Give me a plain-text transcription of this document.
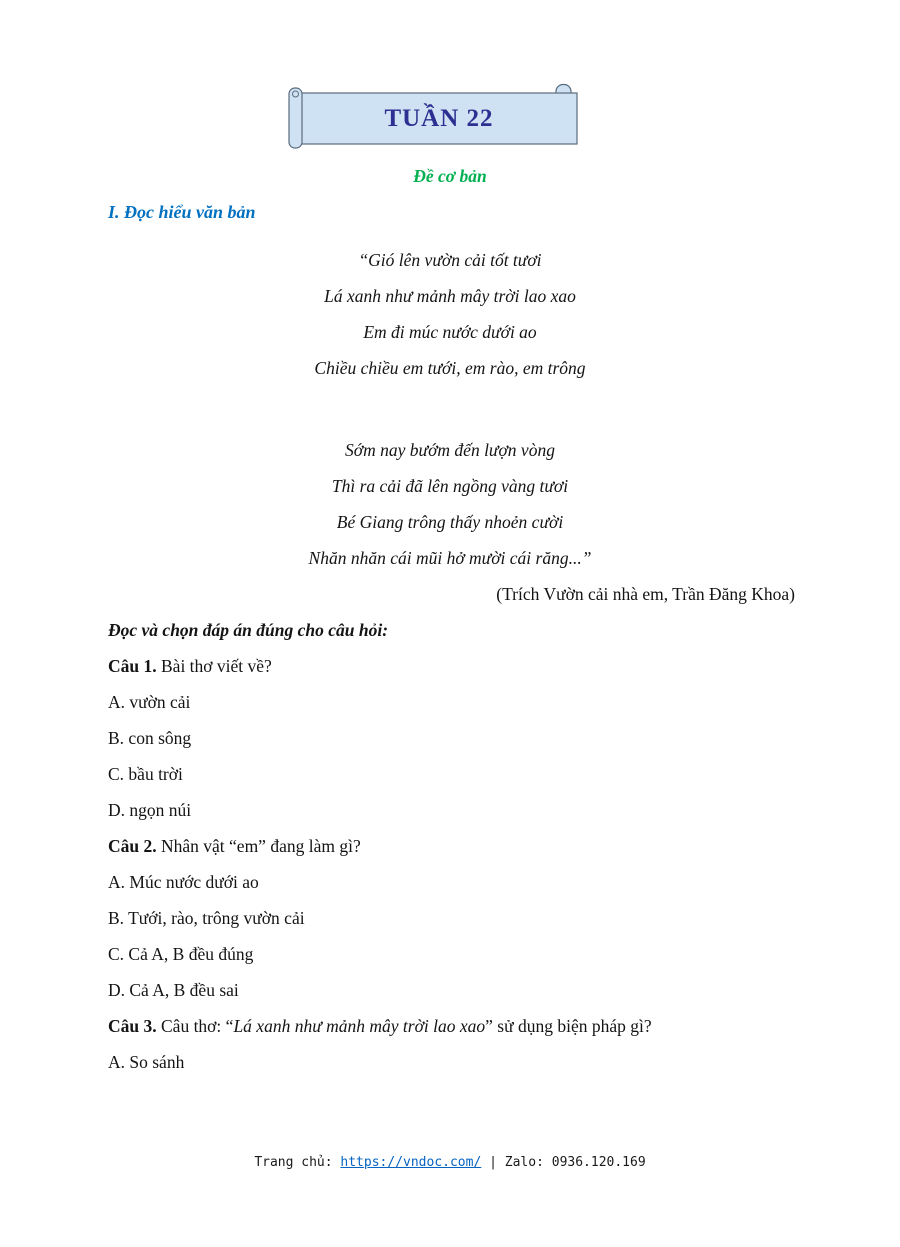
TUẦN 22
Đề cơ bản
I. Đọc hiểu văn bản
“Gió lên vườn cải tốt tươi
Lá xanh như mảnh mây trời lao xao
Em đi múc nước dưới ao
Chiều chiều em tưới, em rào, em trông
Sớm nay bướm đến lượn vòng
Thì ra cải đã lên ngồng vàng tươi
Bé Giang trông thấy nhoẻn cười
Nhăn nhăn cái mũi hở mười cái răng...”
(Trích Vườn cải nhà em, Trần Đăng Khoa)
Đọc và chọn đáp án đúng cho câu hỏi:
Câu 1. Bài thơ viết về?
A. vườn cải
B. con sông
C. bầu trời
D. ngọn núi
Câu 2. Nhân vật “em” đang làm gì?
A. Múc nước dưới ao
B. Tưới, rào, trông vườn cải
C. Cả A, B đều đúng
D. Cả A, B đều sai
Câu 3. Câu thơ: “Lá xanh như mảnh mây trời lao xao” sử dụng biện pháp gì?
A. So sánh
Trang chủ: https://vndoc.com/ | Zalo: 0936.120.169
